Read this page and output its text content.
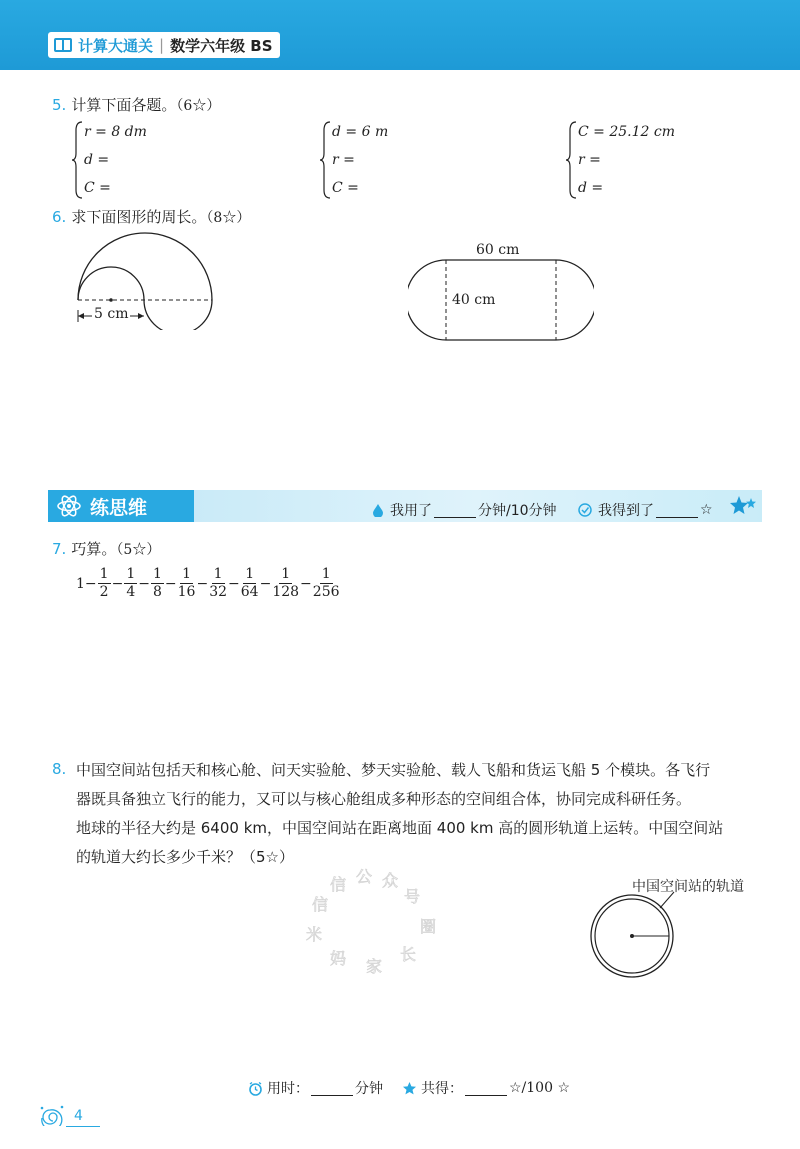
计算大通关 | 数学六年级 BS
5. 计算下面各题。（6☆）
r = 8 dm
d =
C =
d = 6 m
r =
C =
C = 25.12 cm
r =
d =
6. 求下面图形的周长。（8☆）
5 cm
60 cm
40 cm
练思维	我用了	分钟/10分钟	我得到了	☆
7. 巧算。（5☆）
$1 - \frac{1}{2} - \frac{1}{4} - \frac{1}{8} - \frac{1}{16} - \frac{1}{32} - \frac{1}{64} - \frac{1}{128} - \frac{1}{256}$
8. 中国空间站包括天和核心舱、问天实验舱、梦天实验舱、载人飞船和货运飞船 5 个模块。各飞行
器既具备独立飞行的能力，又可以与核心舱组成多种形态的空间组合体，协同完成科研任务。
地球的半径大约是 6400 km，中国空间站在距离地面 400 km 高的圆形轨道上运转。中国空间站
的轨道大约长多少千米？（5☆）
信
信 公 众
号
圈
长
家
妈
米
中国空间站的轨道
用时：	分钟	共得：	☆/100 ☆
4
